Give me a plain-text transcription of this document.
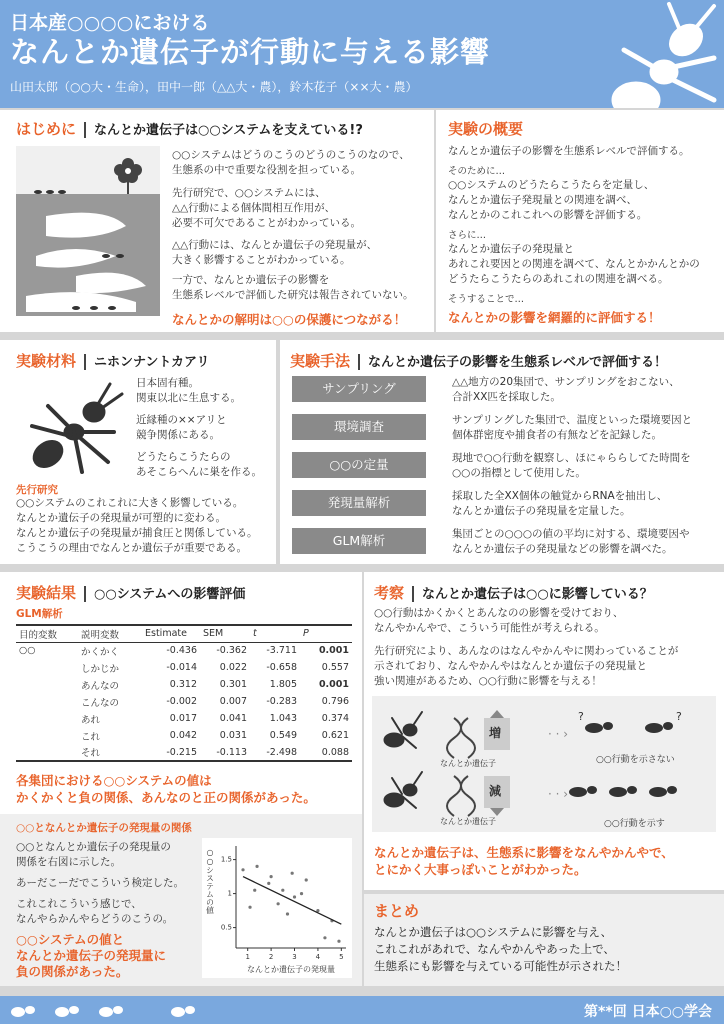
日本産○○○○における
なんとか遺伝子が行動に与える影響
山田太郎（○○大・生命），田中一郎（△△大・農），鈴木花子（××大・農）
はじめに なんとか遺伝子は○○システムを支えている!?
○○システムはどうのこうのどうのこうのなので、
生態系の中で重要な役割を担っている。
先行研究で、○○システムには、
△△行動による個体間相互作用が、
必要不可欠であることがわかっている。
△△行動には、なんとか遺伝子の発現量が、
大きく影響することがわかっている。
一方で、なんとか遺伝子の影響を
生態系レベルで評価した研究は報告されていない。
なんとかの解明は○○の保護につながる！
実験の概要
なんとか遺伝子の影響を生態系レベルで評価する。
そのために…
○○システムのどうたらこうたらを定量し、
なんとか遺伝子発現量との関連を調べ、
なんとかのこれこれへの影響を評価する。
さらに…
なんとか遺伝子の発現量と
あれこれ要因との関連を調べて、なんとかかんとかの
どうたらこうたらのあれこれの関連を調べる。
そうすることで…
なんとかの影響を網羅的に評価する！
実験材料 ニホンナントカアリ
日本固有種。
関東以北に生息する。
近縁種の××アリと
競争関係にある。
どうたらこうたらの
あそこらへんに巣を作る。
先行研究
○○システムのこれこれに大きく影響している。
なんとか遺伝子の発現量が可塑的に変わる。
なんとか遺伝子の発現量が捕食圧と関係している。
こうこうの理由でなんとか遺伝子が重要である。
実験手法 なんとか遺伝子の影響を生態系レベルで評価する！
サンプリング
環境調査
○○の定量
発現量解析
GLM解析
△△地方の20集団で、サンプリングをおこない、
合計XX匹を採取した。
サンプリングした集団で、温度といった環境要因と
個体群密度や捕食者の有無などを記録した。
現地で○○行動を観察し、ほにゃららしてた時間を
○○の指標として使用した。
採取した全XX個体の触覚からRNAを抽出し、
なんとか遺伝子の発現量を定量した。
集団ごとの○○○の値の平均に対する、環境要因や
なんとか遺伝子の発現量などの影響を調べた。
実験結果 ○○システムへの影響評価
GLM解析
各集団における○○システムの値は
かくかくと負の関係、あんなのと正の関係があった。
○○となんとか遺伝子の発現量の関係
○○となんとか遺伝子の発現量の
関係を右図に示した。
あーだこーだでこういう検定した。
これこれこういう感じで、
なんやらかんやらどうのこうの。
○○システムの値と
なんとか遺伝子の発現量に
負の関係があった。
1	2	3	4	5
0.5
1
1.5
なんとか遺伝子の発現量
○○システムの値
目的変数	説明変数	Estimate	SEM	t	P
○○	かくかく	-0.436	-0.362	-3.711	0.001
	しかじか	-0.014	0.022	-0.658	0.557
	あんなの	0.312	0.301	1.805	0.001
	こんなの	-0.002	0.007	-0.283	0.796
	あれ	0.017	0.041	1.043	0.374
	これ	0.042	0.031	0.549	0.621
	それ	-0.215	-0.113	-2.498	0.088
考察 なんとか遺伝子は○○に影響している？
○○行動はかくかくとあんなのの影響を受けており、
なんやかんやで、こういう可能性が考えられる。
先行研究により、あんなのはなんやかんやに関わっていることが
示されており、なんやかんやはなんとか遺伝子の発現量と
強い関連があるため、○○行動に影響を与える！
· · ›
· · ›
?	?
増
減
なんとか遺伝子
なんとか遺伝子
○○行動を示さない
○○行動を示す
なんとか遺伝子は、生態系に影響をなんやかんやで、
とにかく大事っぽいことがわかった。
まとめ
なんとか遺伝子は○○システムに影響を与え、
これこれがあれで、なんやかんやあった上で、
生態系にも影響を与えている可能性が示された！
第**回 日本○○学会
